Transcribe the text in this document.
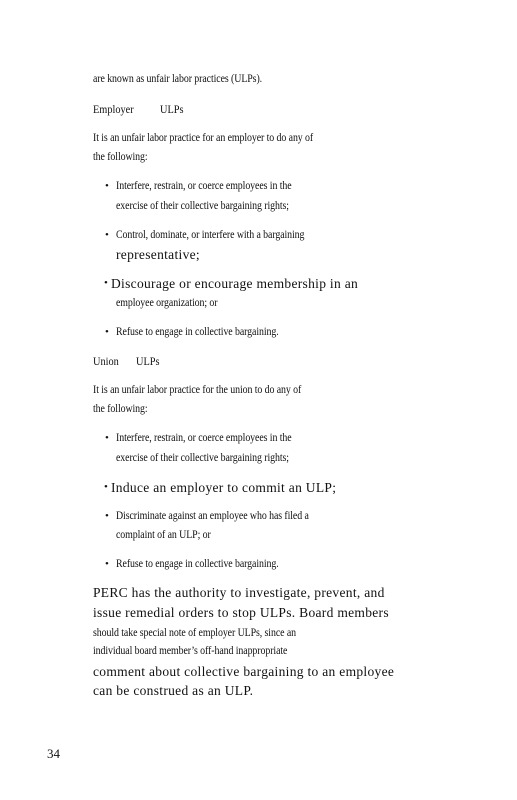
are known as unfair labor practices (ULPs).
Employer ULPs
It is an unfair labor practice for an employer to do any of
the following:
• Interfere, restrain, or coerce employees in the
exercise of their collective bargaining rights;
• Control, dominate, or interfere with a bargaining
representative;
• Discourage or encourage membership in an
employee organization; or
• Refuse to engage in collective bargaining.
Union ULPs
It is an unfair labor practice for the union to do any of
the following:
• Interfere, restrain, or coerce employees in the
exercise of their collective bargaining rights;
• Induce an employer to commit an ULP;
• Discriminate against an employee who has filed a
complaint of an ULP; or
• Refuse to engage in collective bargaining.
PERC has the authority to investigate, prevent, and
issue remedial orders to stop ULPs. Board members
should take special note of employer ULPs, since an
individual board member’s off-hand inappropriate
comment about collective bargaining to an employee
can be construed as an ULP.
34
